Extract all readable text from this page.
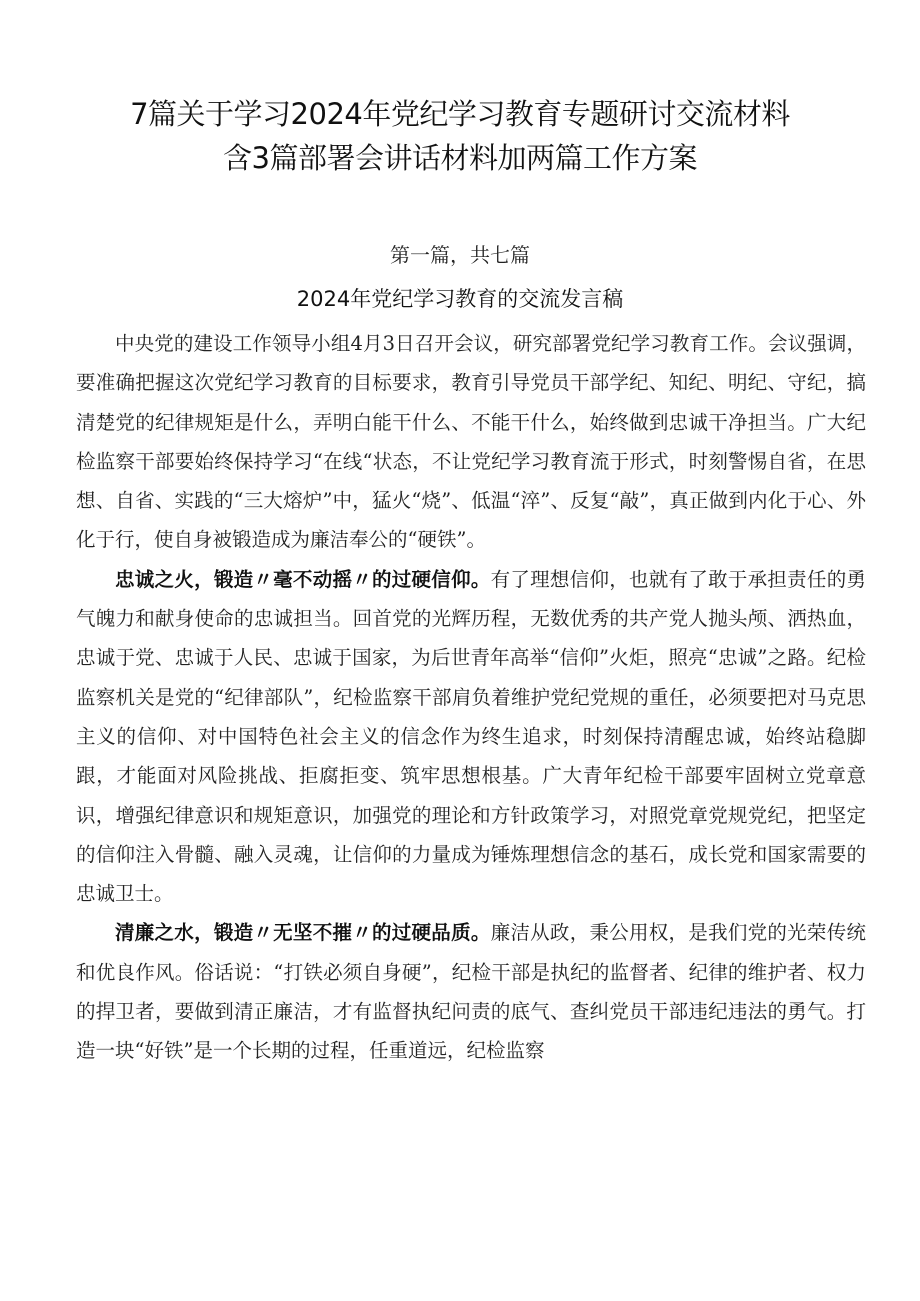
7篇关于学习2024年党纪学习教育专题研讨交流材料
含3篇部署会讲话材料加两篇工作方案
第一篇，共七篇
2024年党纪学习教育的交流发言稿

中央党的建设工作领导小组4月3日召开会议，研究部署党纪学习教育工作。会议强调，要准确把握这次党纪学习教育的目标要求，教育引导党员干部学纪、知纪、明纪、守纪，搞清楚党的纪律规矩是什么，弄明白能干什么、不能干什么，始终做到忠诚干净担当。广大纪检监察干部要始终保持学习“在线“状态，不让党纪学习教育流于形式，时刻警惕自省，在思想、自省、实践的“三大熔炉”中，猛火“烧”、低温“淬”、反复“敲”，真正做到内化于心、外化于行，使自身被锻造成为廉洁奉公的“硬铁”。

忠诚之火，锻造〃毫不动摇〃的过硬信仰。有了理想信仰，也就有了敢于承担责任的勇气魄力和献身使命的忠诚担当。回首党的光辉历程，无数优秀的共产党人抛头颅、洒热血，忠诚于党、忠诚于人民、忠诚于国家，为后世青年高举“信仰”火炬，照亮“忠诚”之路。纪检监察机关是党的“纪律部队”，纪检监察干部肩负着维护党纪党规的重任，必须要把对马克思主义的信仰、对中国特色社会主义的信念作为终生追求，时刻保持清醒忠诚，始终站稳脚跟，才能面对风险挑战、拒腐拒变、筑牢思想根基。广大青年纪检干部要牢固树立党章意识，增强纪律意识和规矩意识，加强党的理论和方针政策学习，对照党章党规党纪，把坚定的信仰注入骨髓、融入灵魂，让信仰的力量成为锤炼理想信念的基石，成长党和国家需要的忠诚卫士。

清廉之水，锻造〃无坚不摧〃的过硬品质。廉洁从政，秉公用权，是我们党的光荣传统和优良作风。俗话说：“打铁必须自身硬”，纪检干部是执纪的监督者、纪律的维护者、权力的捍卫者，要做到清正廉洁，才有监督执纪问责的底气、查纠党员干部违纪违法的勇气。打造一块“好铁”是一个长期的过程，任重道远，纪检监察
